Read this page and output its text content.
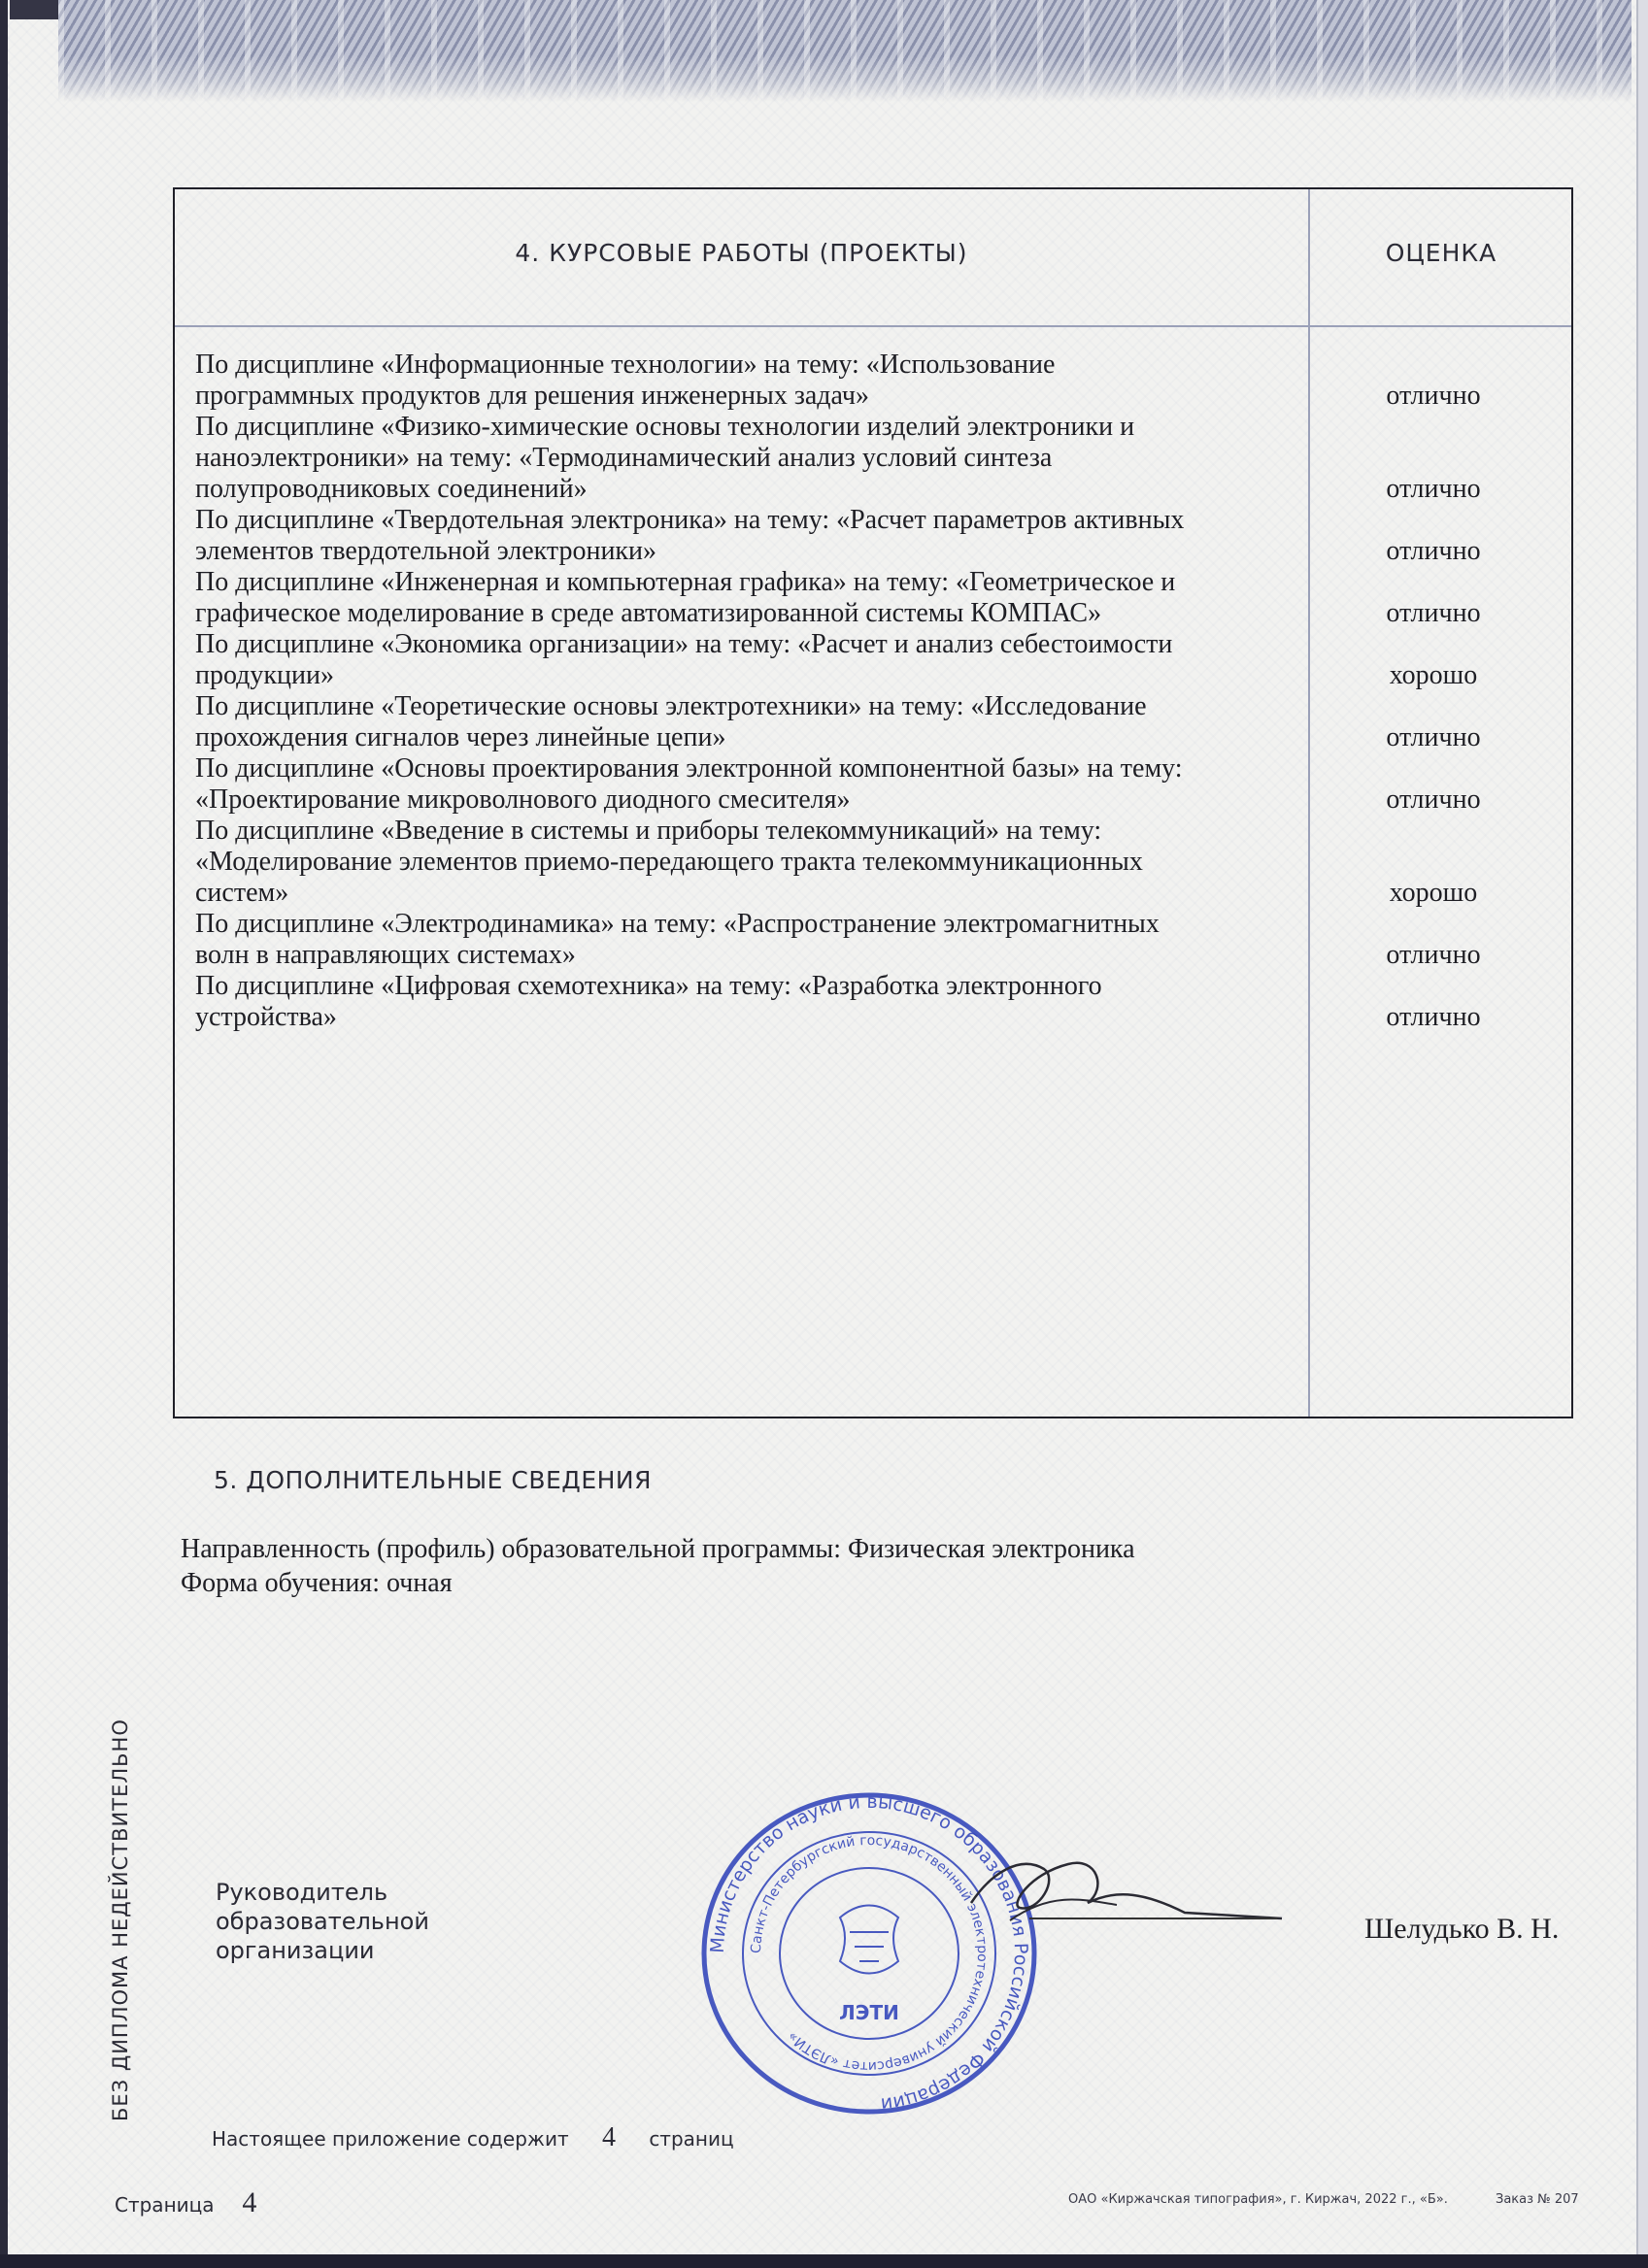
4. КУРСОВЫЕ РАБОТЫ (ПРОЕКТЫ)	ОЦЕНКА
По дисциплине «Информационные технологии» на тему: «Использование
программных продуктов для решения инженерных задач»	отлично
По дисциплине «Физико-химические основы технологии изделий электроники и
наноэлектроники» на тему: «Термодинамический анализ условий синтеза
полупроводниковых соединений»	отлично
По дисциплине «Твердотельная электроника» на тему: «Расчет параметров активных
элементов твердотельной электроники»	отлично
По дисциплине «Инженерная и компьютерная графика» на тему: «Геометрическое и
графическое моделирование в среде автоматизированной системы КОМПАС»	отлично
По дисциплине «Экономика организации» на тему: «Расчет и анализ себестоимости
продукции»	хорошо
По дисциплине «Теоретические основы электротехники» на тему: «Исследование
прохождения сигналов через линейные цепи»	отлично
По дисциплине «Основы проектирования электронной компонентной базы» на тему:
«Проектирование микроволнового диодного смесителя»	отлично
По дисциплине «Введение в системы и приборы телекоммуникаций» на тему:
«Моделирование элементов приемо-передающего тракта телекоммуникационных
систем»	хорошо
По дисциплине «Электродинамика» на тему: «Распространение электромагнитных
волн в направляющих системах»	отлично
По дисциплине «Цифровая схемотехника» на тему: «Разработка электронного
устройства»	отлично
5. ДОПОЛНИТЕЛЬНЫЕ СВЕДЕНИЯ
Направленность (профиль) образовательной программы: Физическая электроника
Форма обучения: очная
БЕЗ ДИПЛОМА НЕДЕЙСТВИТЕЛЬНО	Руководитель образовательной
организации	Министерство науки и высшего образования Российской Федерации
Санкт-Петербургский государственный электротехнический университет «ЛЭТИ»
ЛЭТИ
Шелудько В. Н.
Настоящее приложение содержит 4 страниц
Страница 4	ОАО «Киржачская типография», г. Киржач, 2022 г., «Б».	Заказ № 207
